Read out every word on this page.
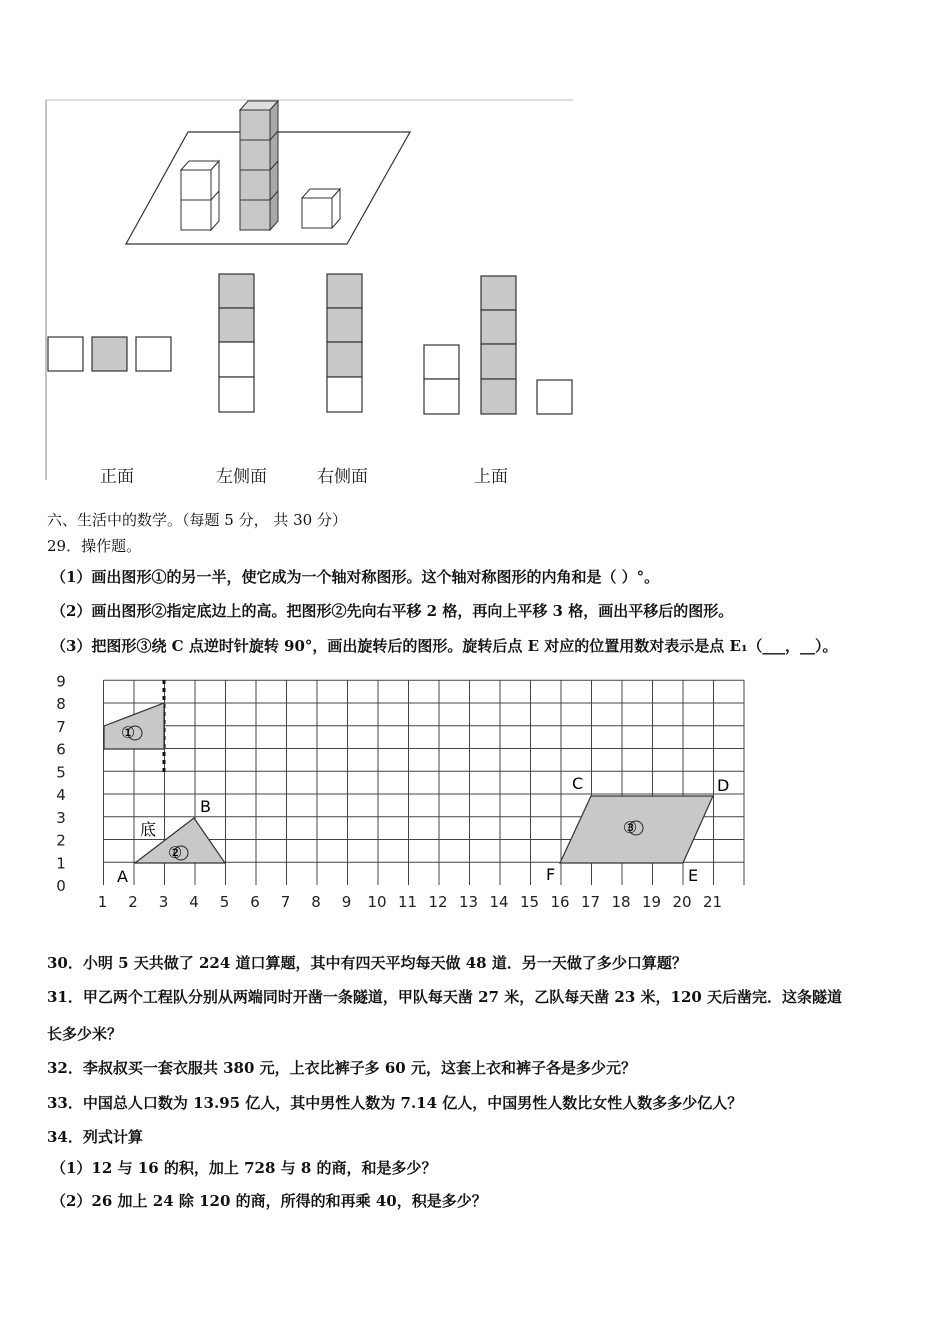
正面	左侧面	右侧面	上面
六、生活中的数学。（每题 5 分， 共 30 分）
29．操作题。
（1）画出图形①的另一半，使它成为一个轴对称图形。这个轴对称图形的内角和是（ ）°。
（2）画出图形②指定底边上的高。把图形②先向右平移 2 格，再向上平移 3 格，画出平移后的图形。
（3）把图形③绕 C 点逆时针旋转 90°，画出旋转后的图形。旋转后点 E 对应的位置用数对表示是点 E₁（___，__）。
1 2 3 4 5 6 7 8 9 10 11 12 13 14 15 16 17 18 19 20 21
0
1
2
3
4
5
6
7
8
9
①
②
③
A
B
底
C	D
E
F
30．小明 5 天共做了 224 道口算题，其中有四天平均每天做 48 道．另一天做了多少口算题？
31．甲乙两个工程队分别从两端同时开凿一条隧道，甲队每天凿 27 米，乙队每天凿 23 米，120 天后凿完．这条隧道
长多少米？
32．李叔叔买一套衣服共 380 元，上衣比裤子多 60 元，这套上衣和裤子各是多少元？
33．中国总人口数为 13.95 亿人，其中男性人数为 7.14 亿人，中国男性人数比女性人数多多少亿人？
34．列式计算
（1）12 与 16 的积，加上 728 与 8 的商，和是多少？
（2）26 加上 24 除 120 的商，所得的和再乘 40，积是多少？
